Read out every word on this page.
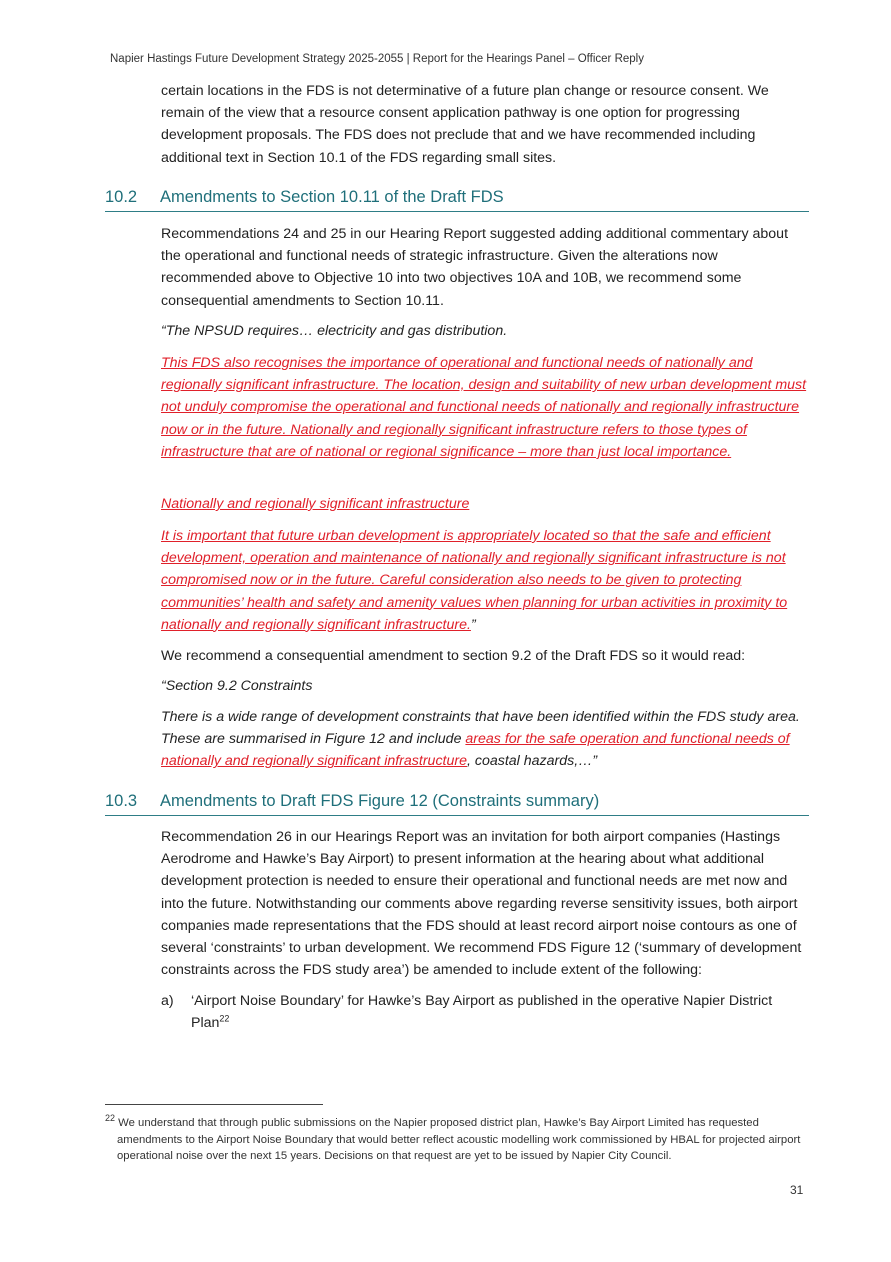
Napier Hastings Future Development Strategy 2025-2055 | Report for the Hearings Panel – Officer Reply

certain locations in the FDS is not determinative of a future plan change or resource consent. We remain of the view that a resource consent application pathway is one option for progressing development proposals. The FDS does not preclude that and we have recommended including additional text in Section 10.1 of the FDS regarding small sites.

10.2 Amendments to Section 10.11 of the Draft FDS

Recommendations 24 and 25 in our Hearing Report suggested adding additional commentary about the operational and functional needs of strategic infrastructure. Given the alterations now recommended above to Objective 10 into two objectives 10A and 10B, we recommend some consequential amendments to Section 10.11.

“The NPSUD requires… electricity and gas distribution.

This FDS also recognises the importance of operational and functional needs of nationally and regionally significant infrastructure. The location, design and suitability of new urban development must not unduly compromise the operational and functional needs of nationally and regionally infrastructure now or in the future. Nationally and regionally significant infrastructure refers to those types of infrastructure that are of national or regional significance – more than just local importance.

Nationally and regionally significant infrastructure

It is important that future urban development is appropriately located so that the safe and efficient development, operation and maintenance of nationally and regionally significant infrastructure is not compromised now or in the future. Careful consideration also needs to be given to protecting communities’ health and safety and amenity values when planning for urban activities in proximity to nationally and regionally significant infrastructure.”

We recommend a consequential amendment to section 9.2 of the Draft FDS so it would read:

“Section 9.2 Constraints

There is a wide range of development constraints that have been identified within the FDS study area. These are summarised in Figure 12 and include areas for the safe operation and functional needs of nationally and regionally significant infrastructure, coastal hazards,…”

10.3 Amendments to Draft FDS Figure 12 (Constraints summary)

Recommendation 26 in our Hearings Report was an invitation for both airport companies (Hastings Aerodrome and Hawke’s Bay Airport) to present information at the hearing about what additional development protection is needed to ensure their operational and functional needs are met now and into the future. Notwithstanding our comments above regarding reverse sensitivity issues, both airport companies made representations that the FDS should at least record airport noise contours as one of several ‘constraints’ to urban development. We recommend FDS Figure 12 (‘summary of development constraints across the FDS study area’) be amended to include extent of the following:

a) ‘Airport Noise Boundary’ for Hawke’s Bay Airport as published in the operative Napier District Plan$^{22}$
$^{22}$ We understand that through public submissions on the Napier proposed district plan, Hawke’s Bay Airport Limited has requested amendments to the Airport Noise Boundary that would better reflect acoustic modelling work commissioned by HBAL for projected airport operational noise over the next 15 years. Decisions on that request are yet to be issued by Napier City Council.
31
